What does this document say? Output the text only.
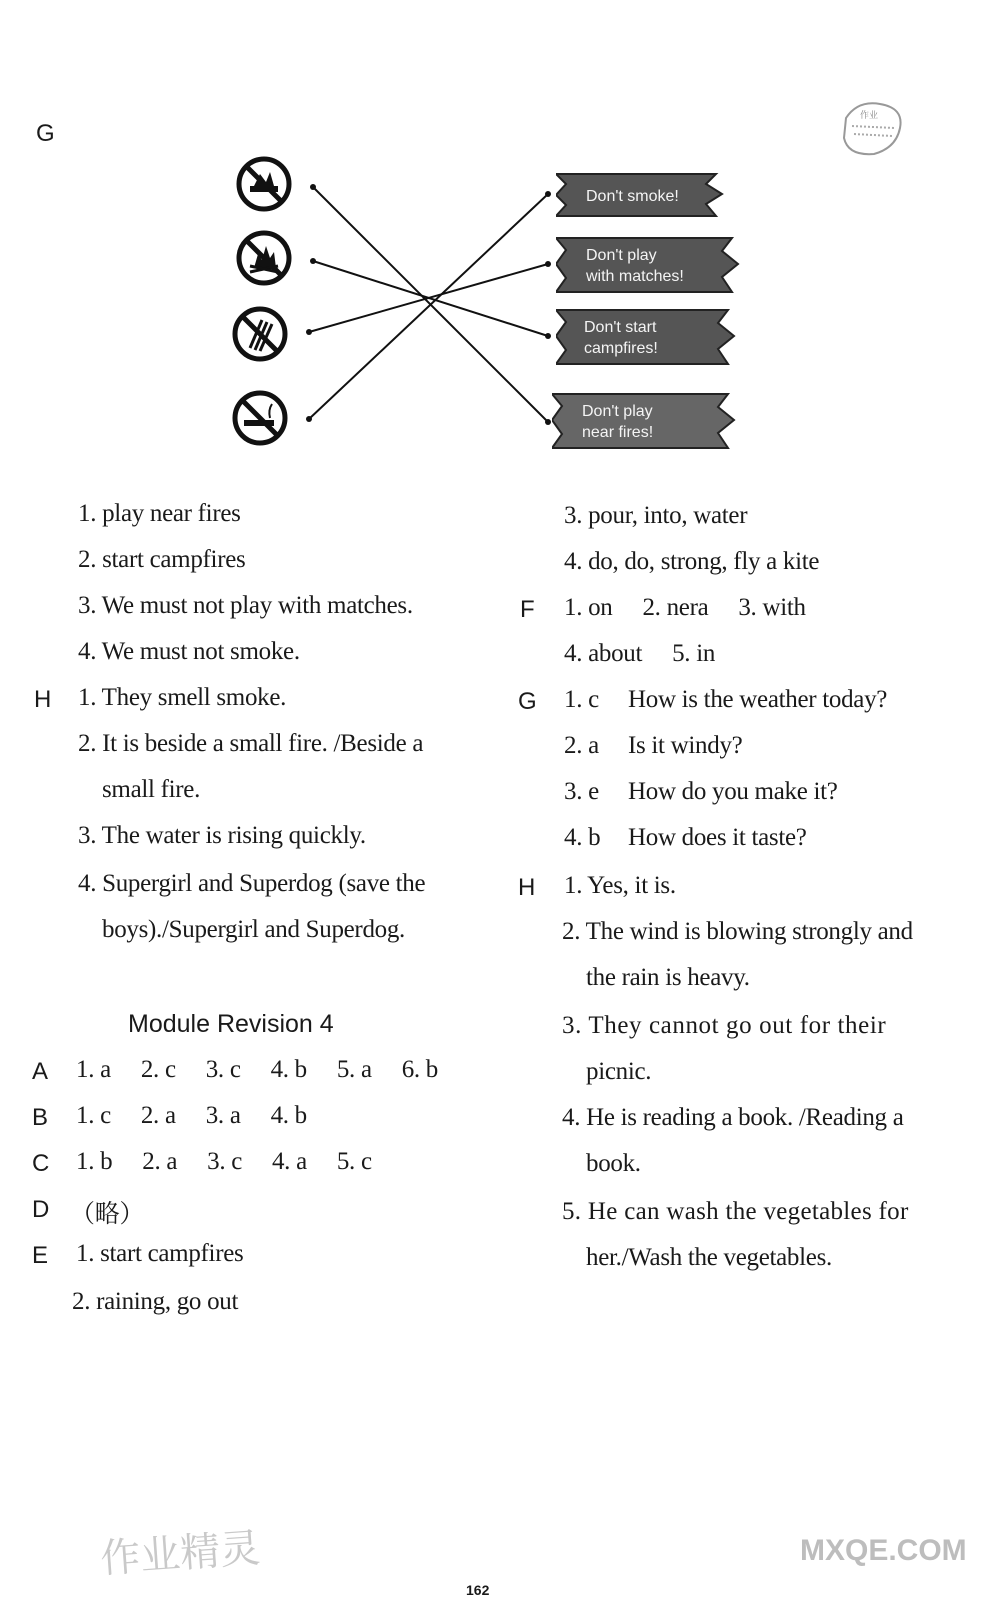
G
作业
Don't smoke!
Don't play
with matches!
Don't start
campfires!
Don't play
near fires!
1. play near fires
2. start campfires
3. We must not play with matches.
4. We must not smoke.
H 1. They smell smoke.
2. It is beside a small fire. /Beside a
small fire.
3. The water is rising quickly.
4. Supergirl and Superdog (save the
boys)./Supergirl and Superdog.
Module Revision 4
A 1. a 2. c 3. c 4. b 5. a 6. b
B 1. c 2. a 3. a 4. b
C 1. b 2. a 3. c 4. a 5. c
D （略）
E 1. start campfires
2. raining, go out
3. pour, into, water
4. do, do, strong, fly a kite
F 1. on 2. nera 3. with
4. about 5. in
G 1. c How is the weather today?
2. a Is it windy?
3. e How do you make it?
4. b How does it taste?
H 1. Yes, it is.
2. The wind is blowing strongly and
the rain is heavy.
3. They cannot go out for their
picnic.
4. He is reading a book. /Reading a
book.
5. He can wash the vegetables for
her./Wash the vegetables.
作业精灵	MXQE.COM
162
